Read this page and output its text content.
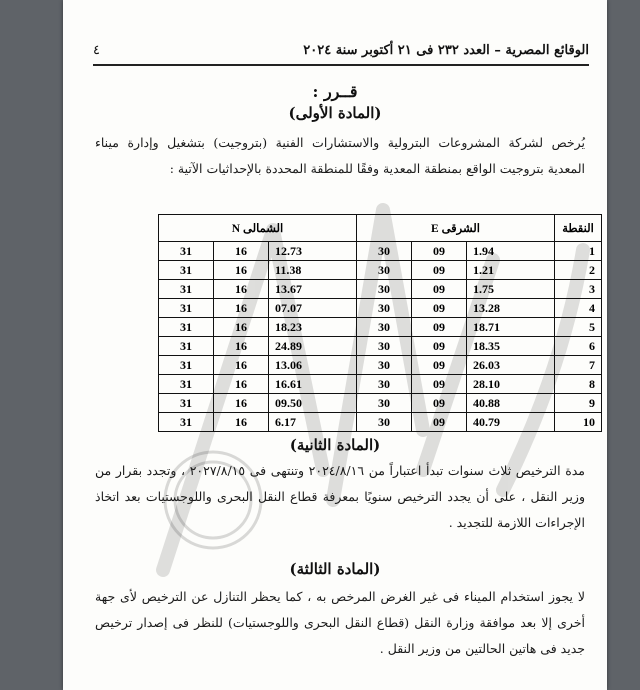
٤	الوقائع المصرية – العدد ٢٣٢ فى ٢١ أكتوبر سنة ٢٠٢٤
قــرر :
(المادة الأولى)
يُرخص لشركة المشروعات البترولية والاستشارات الفنية (بتروجيت) بتشغيل وإدارة ميناء المعدية بتروجيت الواقع بمنطقة المعدية وفقًا للمنطقة المحددة بالإحداثيات الآتية :
النقطة	الشرقى E			الشمالى N		
1	1.94	09	30	12.73	16	31
2	1.21	09	30	11.38	16	31
3	1.75	09	30	13.67	16	31
4	13.28	09	30	07.07	16	31
5	18.71	09	30	18.23	16	31
6	18.35	09	30	24.89	16	31
7	26.03	09	30	13.06	16	31
8	28.10	09	30	16.61	16	31
9	40.88	09	30	09.50	16	31
10	40.79	09	30	6.17	16	31
(المادة الثانية)
مدة الترخيص ثلاث سنوات تبدأ اعتباراً من ٢٠٢٤/٨/١٦ وتنتهى فى ٢٠٢٧/٨/١٥ ، وتجدد بقرار من وزير النقل ، على أن يجدد الترخيص سنويًا بمعرفة قطاع النقل البحرى واللوجستيات بعد اتخاذ الإجراءات اللازمة للتجديد .
(المادة الثالثة)
لا يجوز استخدام الميناء فى غير الغرض المرخص به ، كما يحظر التنازل عن الترخيص لأى جهة أخرى إلا بعد موافقة وزارة النقل (قطاع النقل البحرى واللوجستيات) للنظر فى إصدار ترخيص جديد فى هاتين الحالتين من وزير النقل .
